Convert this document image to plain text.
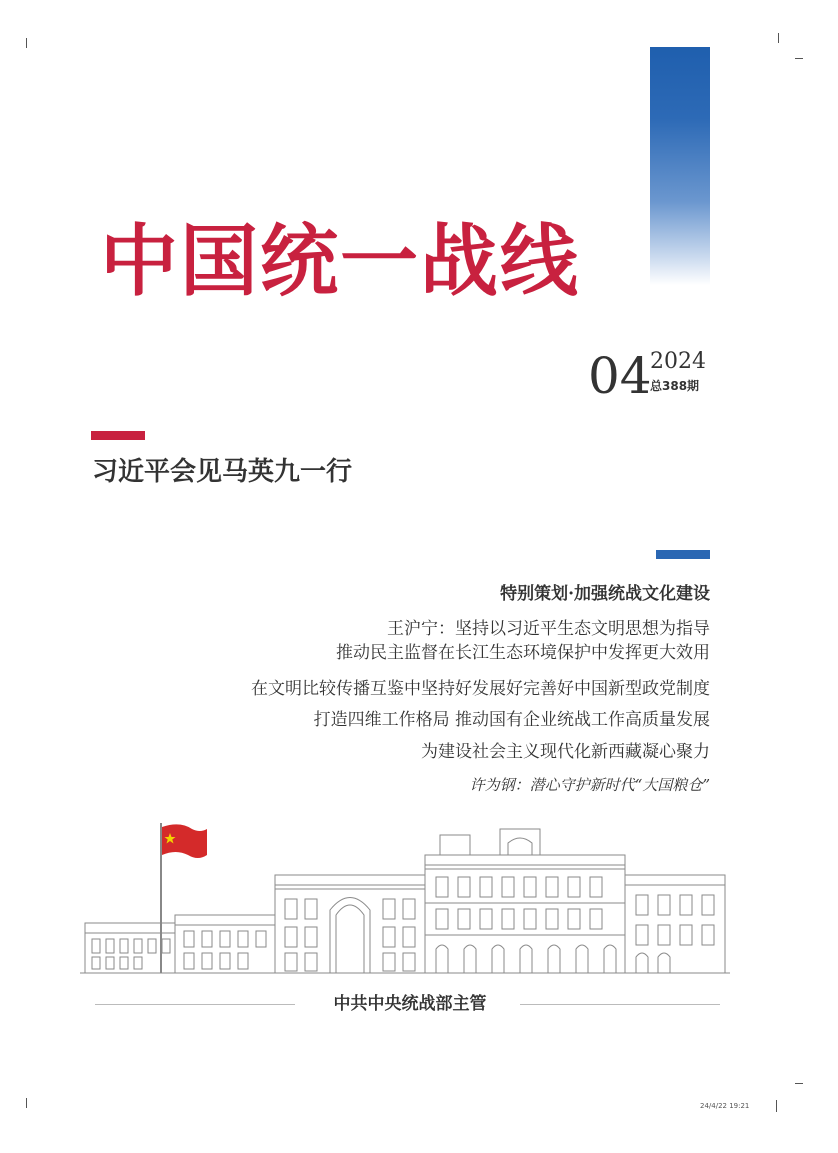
中国统一战线
04
2024
总388期
习近平会见马英九一行
特别策划·加强统战文化建设
王沪宁：坚持以习近平生态文明思想为指导
推动民主监督在长江生态环境保护中发挥更大效用
在文明比较传播互鉴中坚持好发展好完善好中国新型政党制度
打造四维工作格局 推动国有企业统战工作高质量发展
为建设社会主义现代化新西藏凝心聚力
许为钢：潜心守护新时代“大国粮仓”
中共中央统战部主管
24/4/22 19:21
